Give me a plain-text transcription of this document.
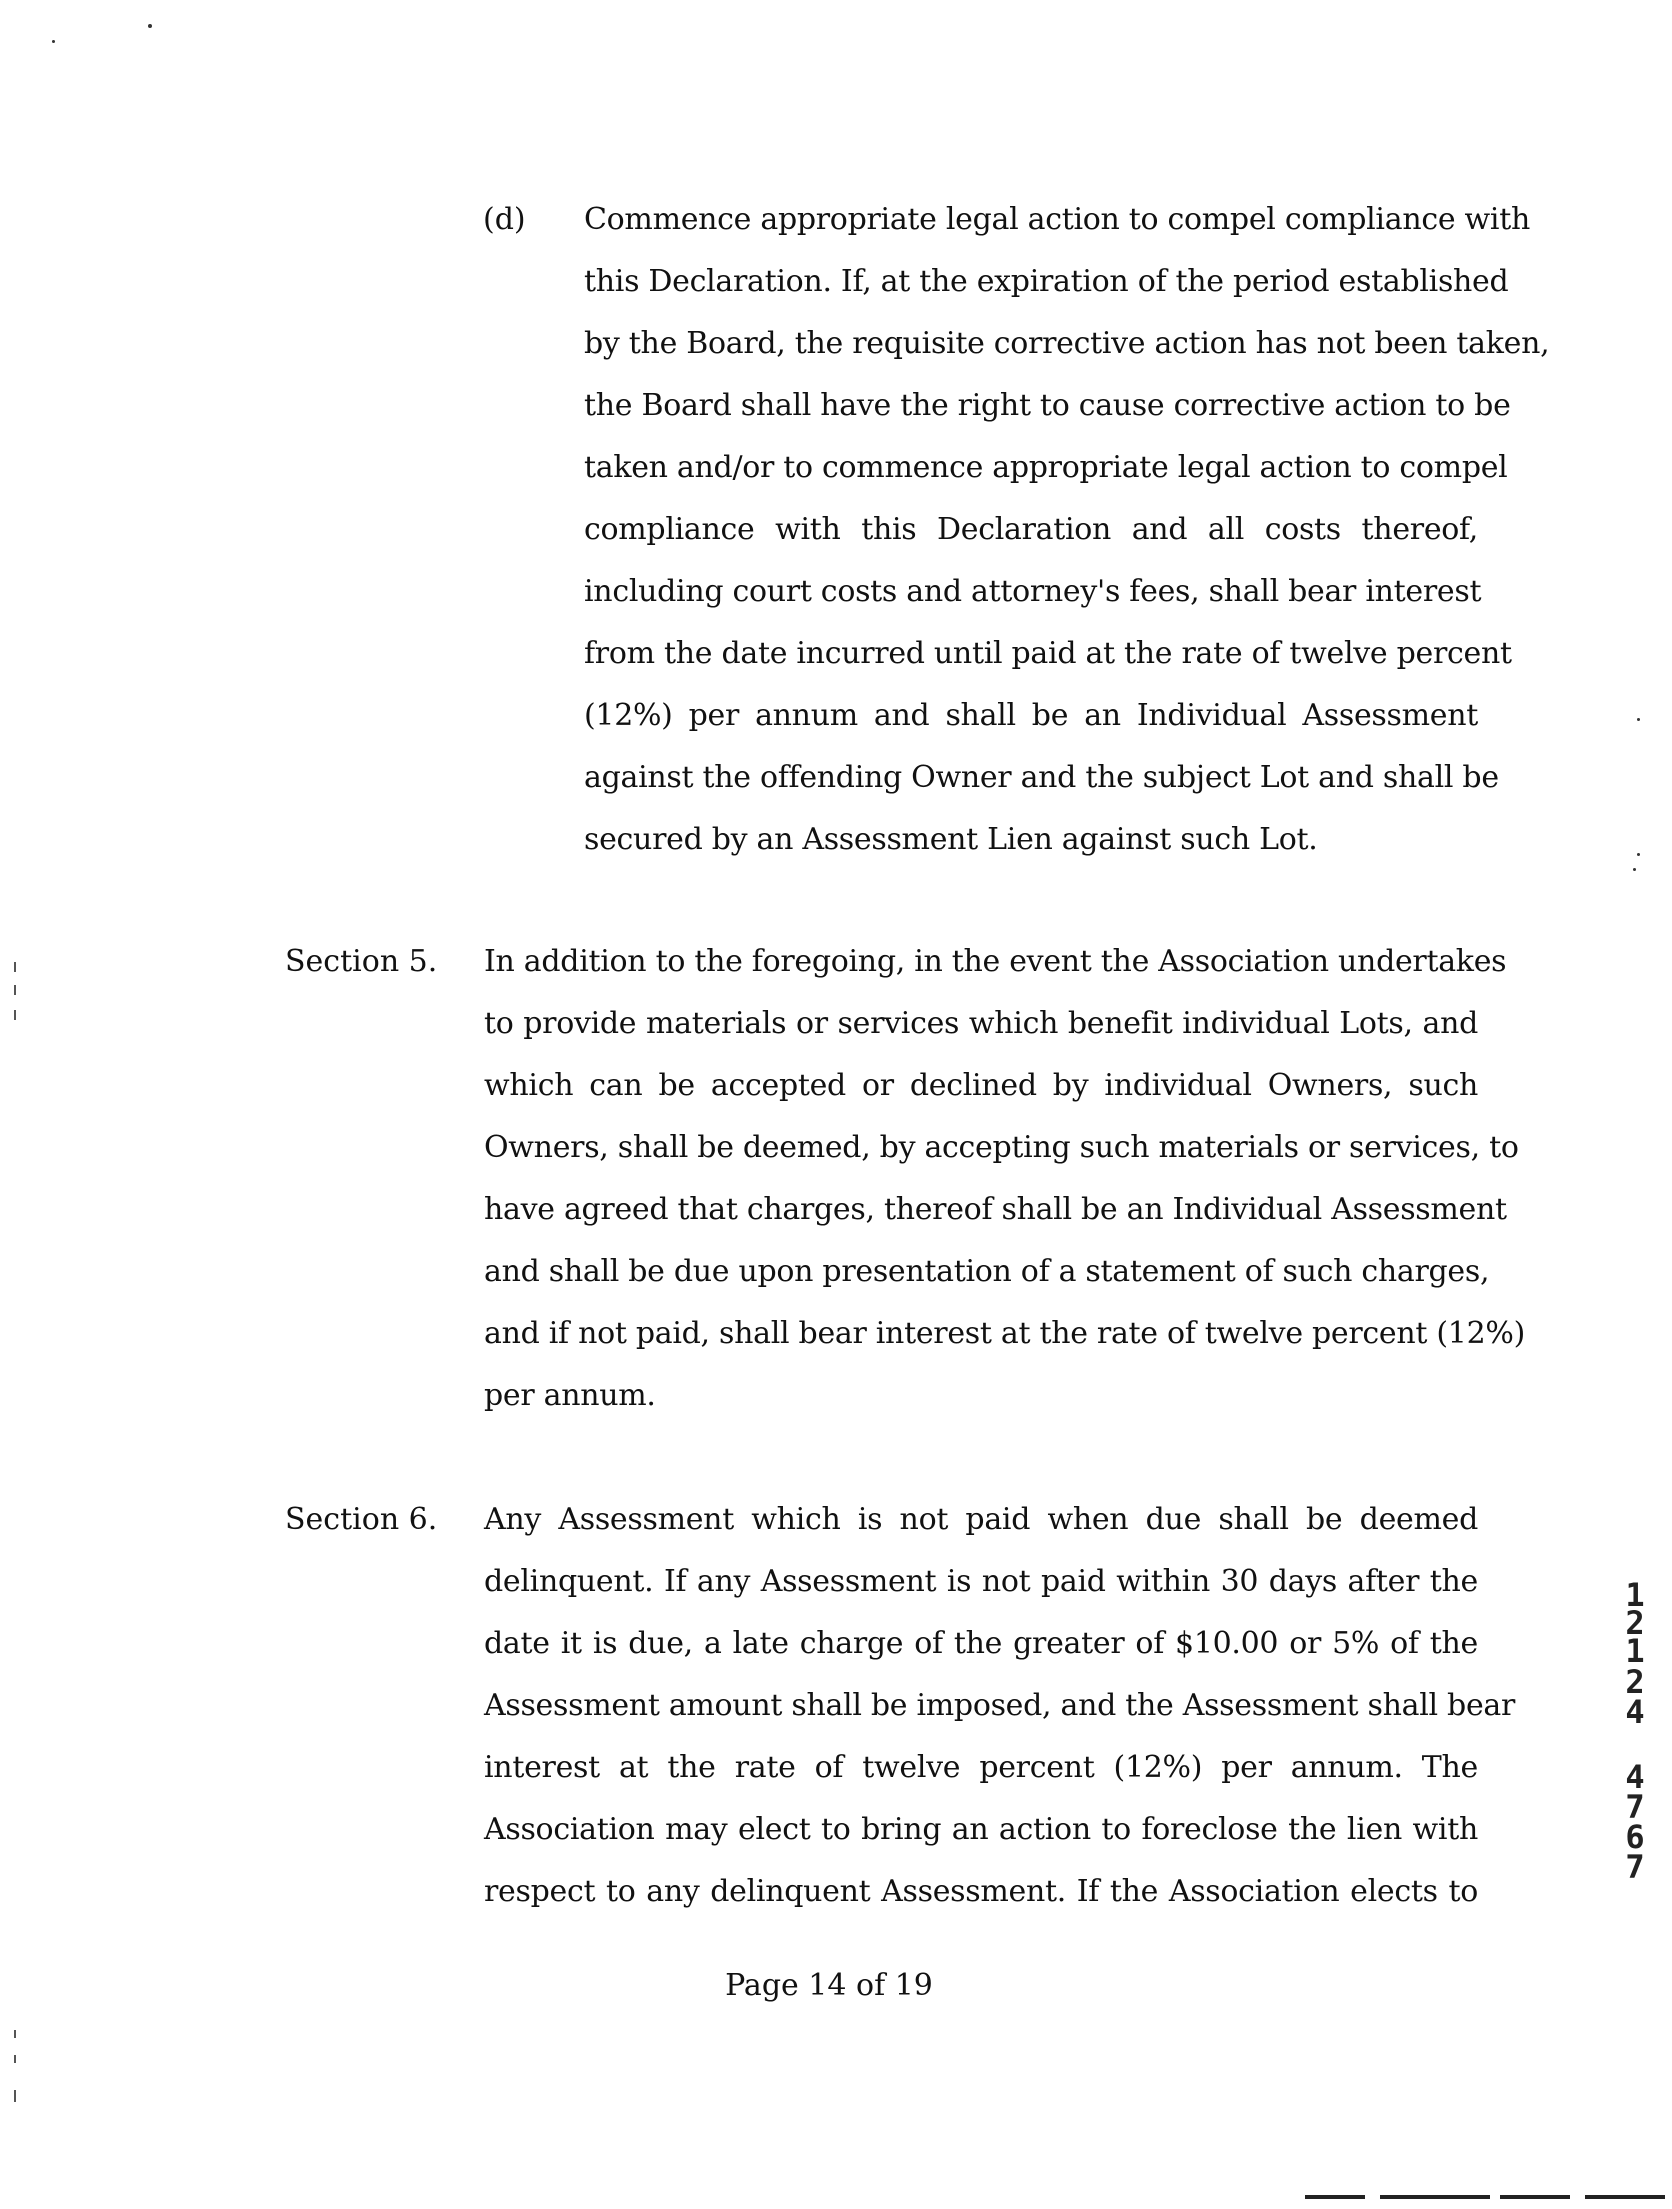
(d) Commence appropriate legal action to compel compliance with
this Declaration. If, at the expiration of the period established
by the Board, the requisite corrective action has not been taken,
the Board shall have the right to cause corrective action to be
taken and/or to commence appropriate legal action to compel
compliance with this Declaration and all costs thereof,
including court costs and attorney's fees, shall bear interest
from the date incurred until paid at the rate of twelve percent
(12%) per annum and shall be an Individual Assessment
against the offending Owner and the subject Lot and shall be
secured by an Assessment Lien against such Lot.
Section 5. In addition to the foregoing, in the event the Association undertakes
to provide materials or services which benefit individual Lots, and
which can be accepted or declined by individual Owners, such
Owners, shall be deemed, by accepting such materials or services, to
have agreed that charges, thereof shall be an Individual Assessment
and shall be due upon presentation of a statement of such charges,
and if not paid, shall bear interest at the rate of twelve percent (12%)
per annum.
Section 6. Any Assessment which is not paid when due shall be deemed
delinquent. If any Assessment is not paid within 30 days after the
date it is due, a late charge of the greater of $10.00 or 5% of the
Assessment amount shall be imposed, and the Assessment shall bear
interest at the rate of twelve percent (12%) per annum. The
Association may elect to bring an action to foreclose the lien with
respect to any delinquent Assessment. If the Association elects to
Page 14 of 19
1
2
1
2
4
4
7
6
7
